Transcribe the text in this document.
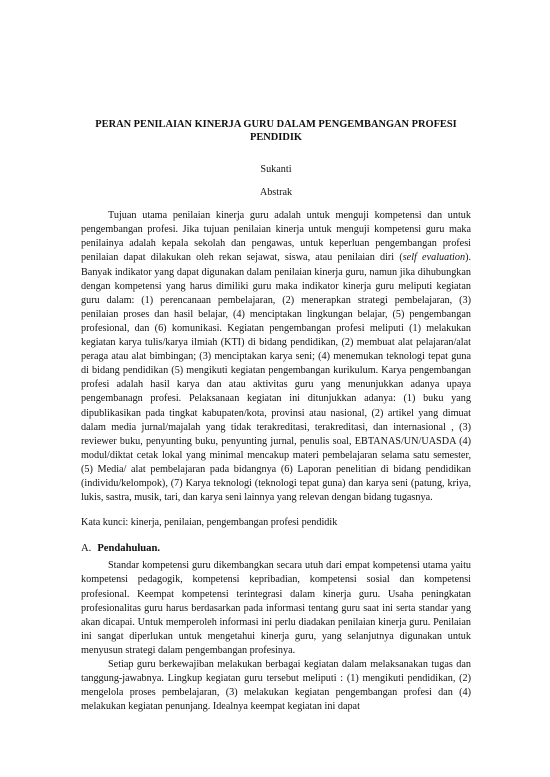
PERAN PENILAIAN KINERJA GURU DALAM PENGEMBANGAN PROFESI PENDIDIK
Sukanti
Abstrak

Tujuan utama penilaian kinerja guru adalah untuk menguji kompetensi dan untuk pengembangan profesi. Jika tujuan penilaian kinerja untuk menguji kompetensi guru maka penilainya adalah kepala sekolah dan pengawas, untuk keperluan pengembangan profesi penilaian dapat dilakukan oleh rekan sejawat, siswa, atau penilaian diri (self evaluation). Banyak indikator yang dapat digunakan dalam penilaian kinerja guru, namun jika dihubungkan dengan kompetensi yang harus dimiliki guru maka indikator kinerja guru meliputi kegiatan guru dalam: (1) perencanaan pembelajaran, (2) menerapkan strategi pembelajaran, (3) penilaian proses dan hasil belajar, (4) menciptakan lingkungan belajar, (5) pengembangan profesional, dan (6) komunikasi. Kegiatan pengembangan profesi meliputi (1) melakukan kegiatan karya tulis/karya ilmiah (KTI) di bidang pendidikan, (2) membuat alat pelajaran/alat peraga atau alat bimbingan; (3) menciptakan karya seni; (4) menemukan teknologi tepat guna di bidang pendidikan (5) mengikuti kegiatan pengembangan kurikulum. Karya pengembangan profesi adalah hasil karya dan atau aktivitas guru yang menunjukkan adanya upaya pengembanagn profesi. Pelaksanaan kegiatan ini ditunjukkan adanya: (1) buku yang dipublikasikan pada tingkat kabupaten/kota, provinsi atau nasional, (2) artikel yang dimuat dalam media jurnal/majalah yang tidak terakreditasi, terakreditasi, dan internasional , (3) reviewer buku, penyunting buku, penyunting jurnal, penulis soal, EBTANAS/UN/UASDA (4) modul/diktat cetak lokal yang minimal mencakup materi pembelajaran selama satu semester, (5) Media/ alat pembelajaran pada bidangnya (6) Laporan penelitian di bidang pendidikan (individu/kelompok), (7) Karya teknologi (teknologi tepat guna) dan karya seni (patung, kriya, lukis, sastra, musik, tari, dan karya seni lainnya yang relevan dengan bidang tugasnya.

Kata kunci: kinerja, penilaian, pengembangan profesi pendidik
A. Pendahuluan.

Standar kompetensi guru dikembangkan secara utuh dari empat kompetensi utama yaitu kompetensi pedagogik, kompetensi kepribadian, kompetensi sosial dan kompetensi profesional. Keempat kompetensi terintegrasi dalam kinerja guru. Usaha peningkatan profesionalitas guru harus berdasarkan pada informasi tentang guru saat ini serta standar yang akan dicapai. Untuk memperoleh informasi ini perlu diadakan penilaian kinerja guru. Penilaian ini sangat diperlukan untuk mengetahui kinerja guru, yang selanjutnya digunakan untuk menyusun strategi dalam pengembangan profesinya.

Setiap guru berkewajiban melakukan berbagai kegiatan dalam melaksanakan tugas dan tanggung-jawabnya. Lingkup kegiatan guru tersebut meliputi : (1) mengikuti pendidikan, (2) mengelola proses pembelajaran, (3) melakukan kegiatan pengembangan profesi dan (4) melakukan kegiatan penunjang. Idealnya keempat kegiatan ini dapat
